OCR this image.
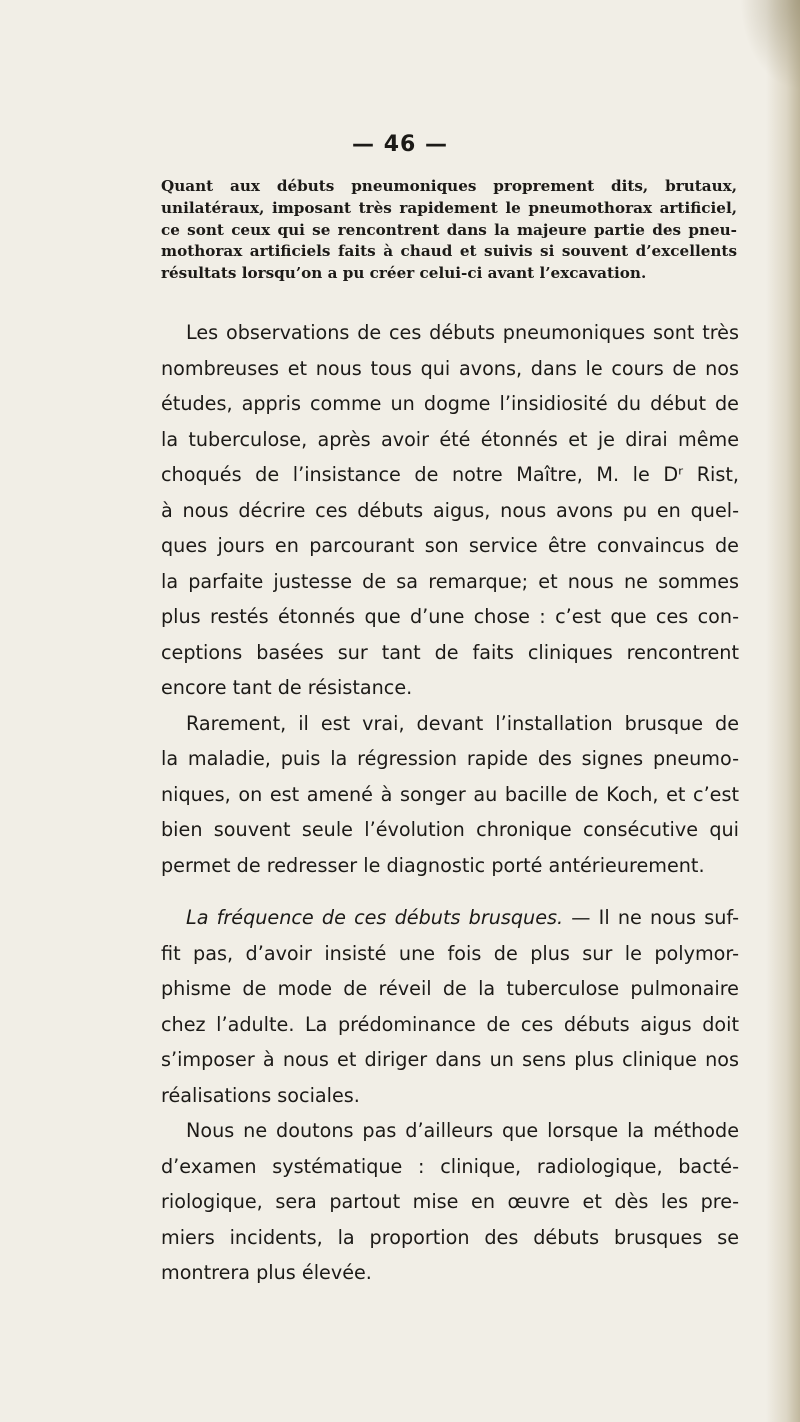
— 46 —
Quant aux débuts pneumoniques proprement dits, brutaux,
unilatéraux, imposant très rapidement le pneumothorax artificiel,
ce sont ceux qui se rencontrent dans la majeure partie des pneu-
mothorax artificiels faits à chaud et suivis si souvent d’excellents
résultats lorsqu’on a pu créer celui-ci avant l’excavation.
Les observations de ces débuts pneumoniques sont très
nombreuses et nous tous qui avons, dans le cours de nos
études, appris comme un dogme l’insidiosité du début de
la tuberculose, après avoir été étonnés et je dirai même
choqués de l’insistance de notre Maître, M. le Dʳ Rist,
à nous décrire ces débuts aigus, nous avons pu en quel-
ques jours en parcourant son service être convaincus de
la parfaite justesse de sa remarque; et nous ne sommes
plus restés étonnés que d’une chose : c’est que ces con-
ceptions basées sur tant de faits cliniques rencontrent
encore tant de résistance.
Rarement, il est vrai, devant l’installation brusque de
la maladie, puis la régression rapide des signes pneumo-
niques, on est amené à songer au bacille de Koch, et c’est
bien souvent seule l’évolution chronique consécutive qui
permet de redresser le diagnostic porté antérieurement.
La fréquence de ces débuts brusques. — Il ne nous suf-
fit pas, d’avoir insisté une fois de plus sur le polymor-
phisme de mode de réveil de la tuberculose pulmonaire
chez l’adulte. La prédominance de ces débuts aigus doit
s’imposer à nous et diriger dans un sens plus clinique nos
réalisations sociales.
Nous ne doutons pas d’ailleurs que lorsque la méthode
d’examen systématique : clinique, radiologique, bacté-
riologique, sera partout mise en œuvre et dès les pre-
miers incidents, la proportion des débuts brusques se
montrera plus élevée.
